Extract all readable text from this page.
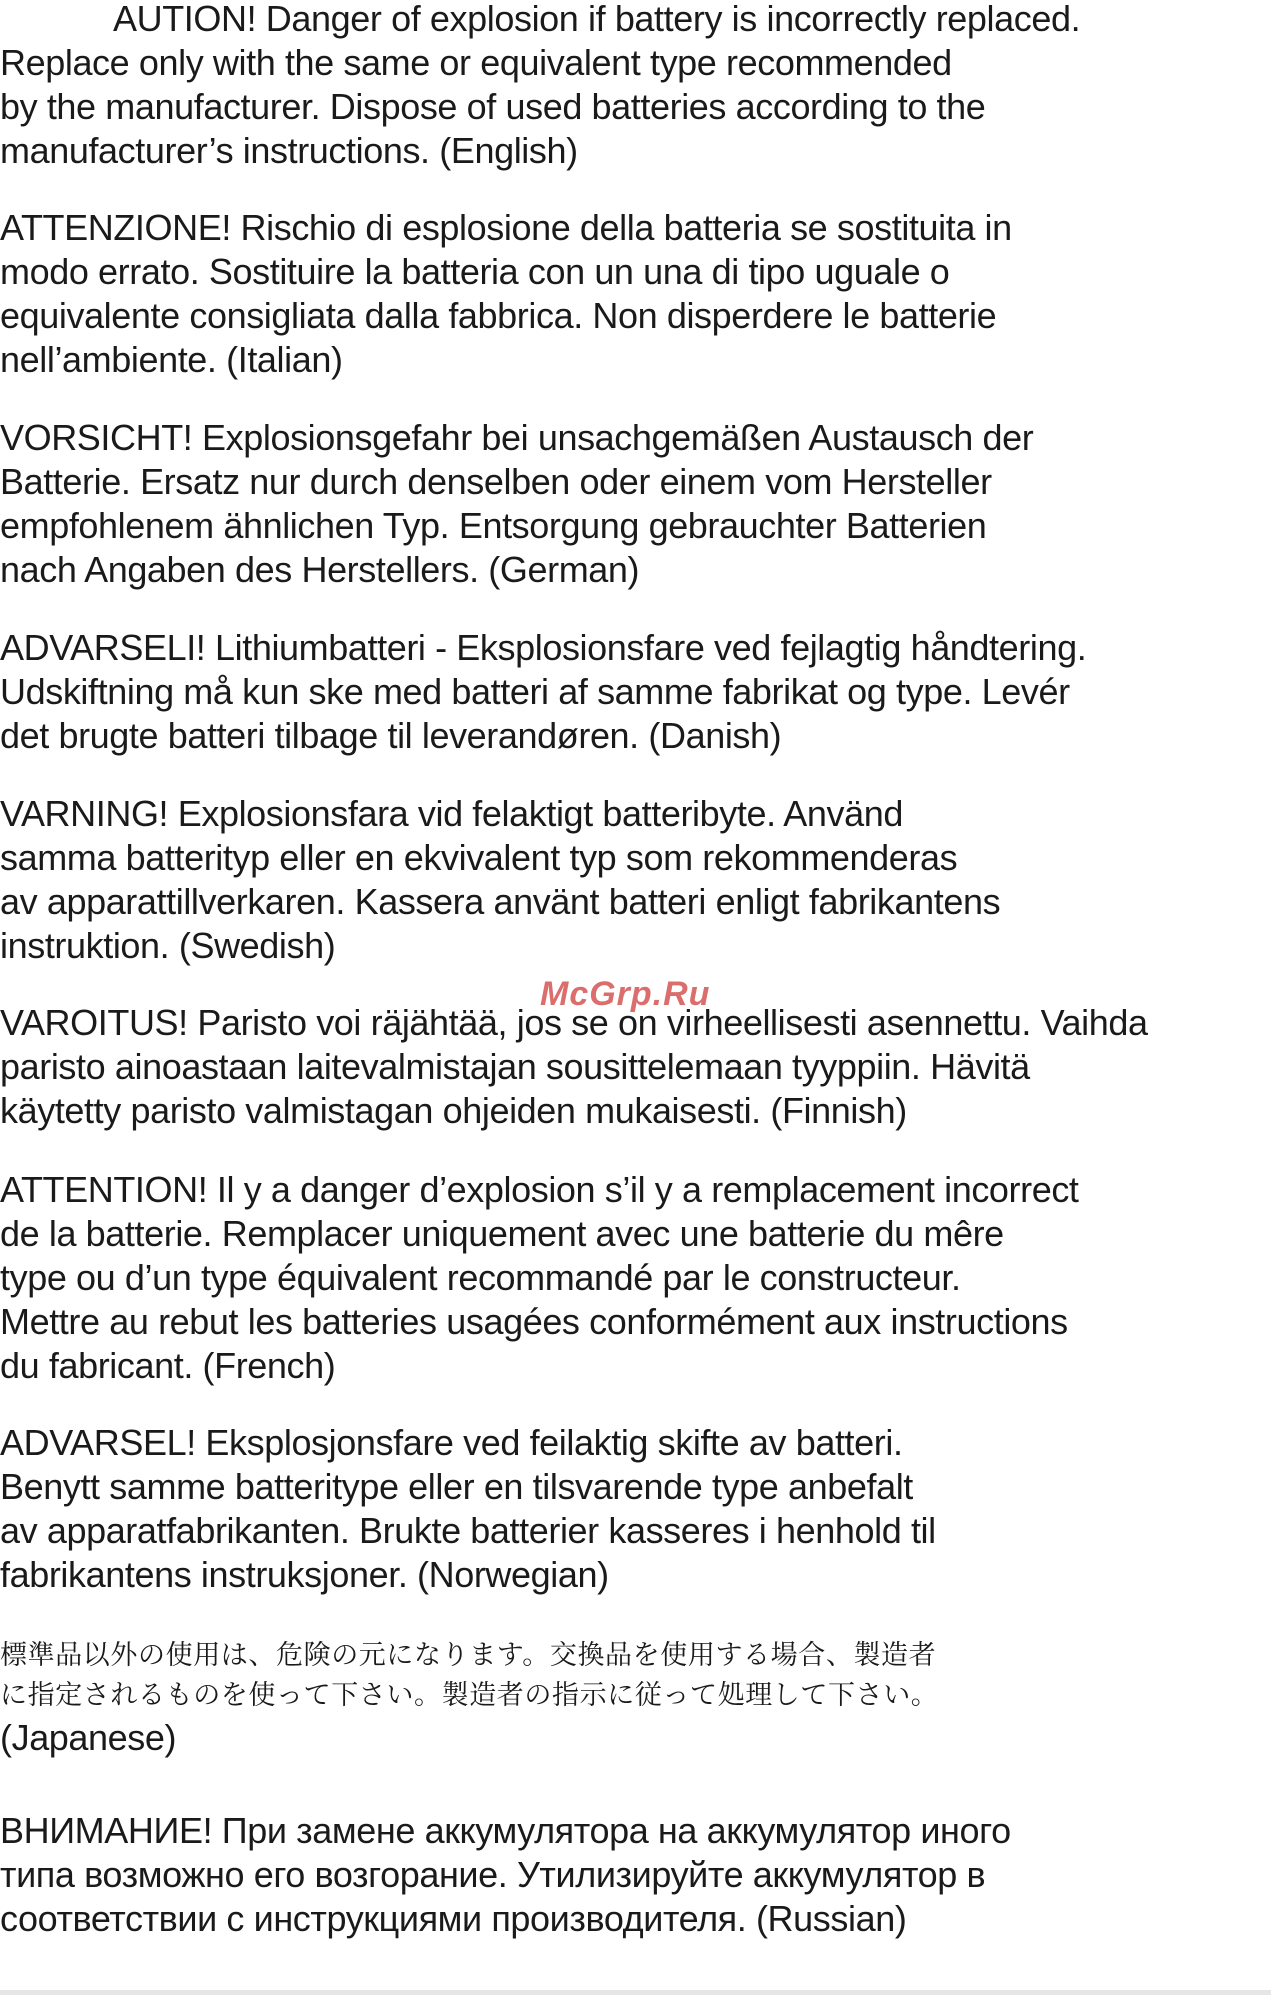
AUTION! Danger of explosion if battery is incorrectly replaced.
Replace only with the same or equivalent type recommended
by the manufacturer. Dispose of used batteries according to the
manufacturer’s instructions. (English)
ATTENZIONE! Rischio di esplosione della batteria se sostituita in
modo errato. Sostituire la batteria con un una di tipo uguale o
equivalente consigliata dalla fabbrica. Non disperdere le batterie
nell’ambiente. (Italian)
VORSICHT! Explosionsgefahr bei unsachgemäßen Austausch der
Batterie. Ersatz nur durch denselben oder einem vom Hersteller
empfohlenem ähnlichen Typ. Entsorgung gebrauchter Batterien
nach Angaben des Herstellers. (German)
ADVARSELI! Lithiumbatteri - Eksplosionsfare ved fejlagtig håndtering.
Udskiftning må kun ske med batteri af samme fabrikat og type. Levér
det brugte batteri tilbage til leverandøren. (Danish)
VARNING! Explosionsfara vid felaktigt batteribyte. Använd
samma batterityp eller en ekvivalent typ som rekommenderas
av apparattillverkaren. Kassera använt batteri enligt fabrikantens
instruktion. (Swedish)
VAROITUS! Paristo voi räjähtää, jos se on virheellisesti asennettu. Vaihda
paristo ainoastaan laitevalmistajan sousittelemaan tyyppiin. Hävitä
käytetty paristo valmistagan ohjeiden mukaisesti. (Finnish)
ATTENTION! Il y a danger d’explosion s’il y a remplacement incorrect
de la batterie. Remplacer uniquement avec une batterie du mêre
type ou d’un type équivalent recommandé par le constructeur.
Mettre au rebut les batteries usagées conformément aux instructions
du fabricant. (French)
ADVARSEL! Eksplosjonsfare ved feilaktig skifte av batteri.
Benytt samme batteritype eller en tilsvarende type anbefalt
av apparatfabrikanten. Brukte batterier kasseres i henhold til
fabrikantens instruksjoner. (Norwegian)
標準品以外の使用は、危険の元になります。交換品を使用する場合、製造者
に指定されるものを使って下さい。製造者の指示に従って処理して下さい。
(Japanese)
ВНИМАНИЕ! При замене аккумулятора на аккумулятор иного
типа возможно его возгорание. Утилизируйте аккумулятор в
соответствии с инструкциями производителя. (Russian)
McGrp.Ru
